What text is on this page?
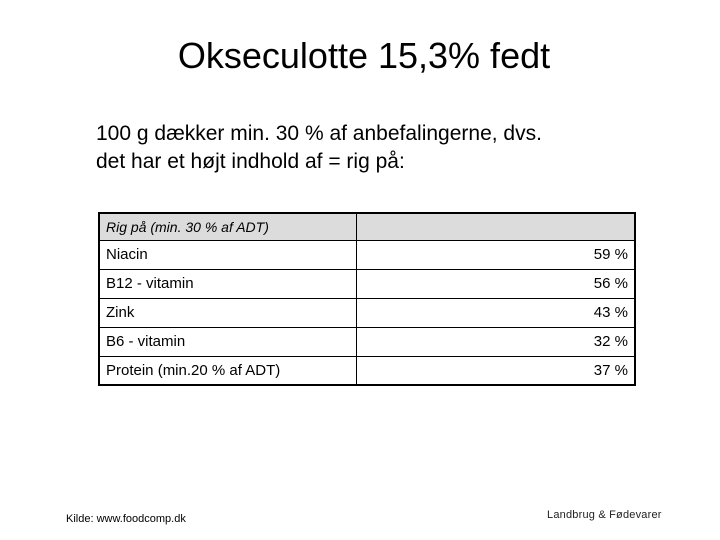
Okseculotte 15,3% fedt
100 g dækker min. 30 % af anbefalingerne, dvs.
det har et højt indhold af = rig på:
Rig på (min. 30 % af ADT)	
Niacin	59 %
B12 - vitamin	56 %
Zink	43 %
B6 - vitamin	32 %
Protein (min.20 % af ADT)	37 %
Kilde: www.foodcomp.dk	Landbrug & Fødevarer
